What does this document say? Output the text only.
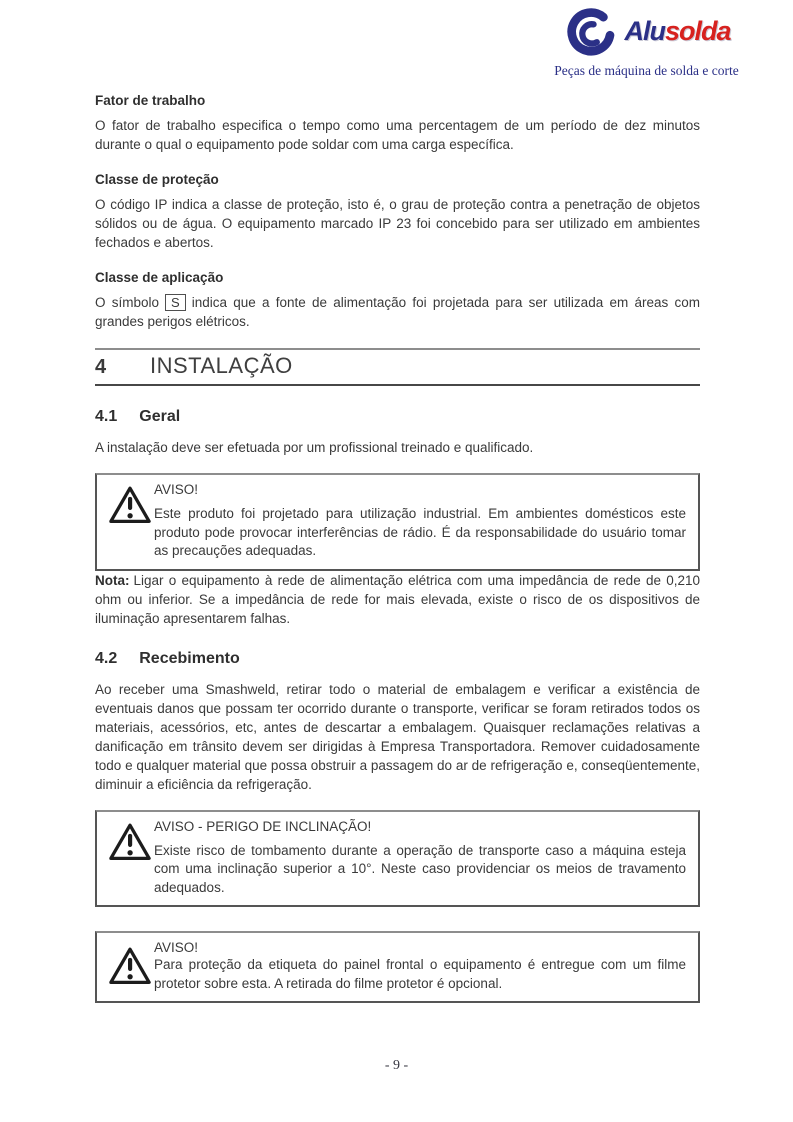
Alusolda
Peças de máquina de solda e corte
Fator de trabalho

O fator de trabalho especifica o tempo como uma percentagem de um período de dez minutos durante o qual o equipamento pode soldar com uma carga específica.

Classe de proteção

O código IP indica a classe de proteção, isto é, o grau de proteção contra a penetração de objetos sólidos ou de água. O equipamento marcado IP 23 foi concebido para ser utilizado em ambientes fechados e abertos.

Classe de aplicação

O símbolo S indica que a fonte de alimentação foi projetada para ser utilizada em áreas com grandes perigos elétricos.

4	INSTALAÇÃO
4.1 Geral

A instalação deve ser efetuada por um profissional treinado e qualificado.

AVISO!
Este produto foi projetado para utilização industrial. Em ambientes domésticos este produto pode provocar interferências de rádio. É da responsabilidade do usuário tomar as precauções adequadas.

Nota: Ligar o equipamento à rede de alimentação elétrica com uma impedância de rede de 0,210 ohm ou inferior. Se a impedância de rede for mais elevada, existe o risco de os dispositivos de iluminação apresentarem falhas.

4.2 Recebimento

Ao receber uma Smashweld, retirar todo o material de embalagem e verificar a existência de eventuais danos que possam ter ocorrido durante o transporte, verificar se foram retirados todos os materiais, acessórios, etc, antes de descartar a embalagem. Quaisquer reclamações relativas a danificação em trânsito devem ser dirigidas à Empresa Transportadora. Remover cuidadosamente todo e qualquer material que possa obstruir a passagem do ar de refrigeração e, conseqüentemente, diminuir a eficiência da refrigeração.

AVISO - PERIGO DE INCLINAÇÃO!
Existe risco de tombamento durante a operação de transporte caso a máquina esteja com uma inclinação superior a 10°. Neste caso providenciar os meios de travamento adequados.
AVISO!
Para proteção da etiqueta do painel frontal o equipamento é entregue com um filme protetor sobre esta. A retirada do filme protetor é opcional.
- 9 -
